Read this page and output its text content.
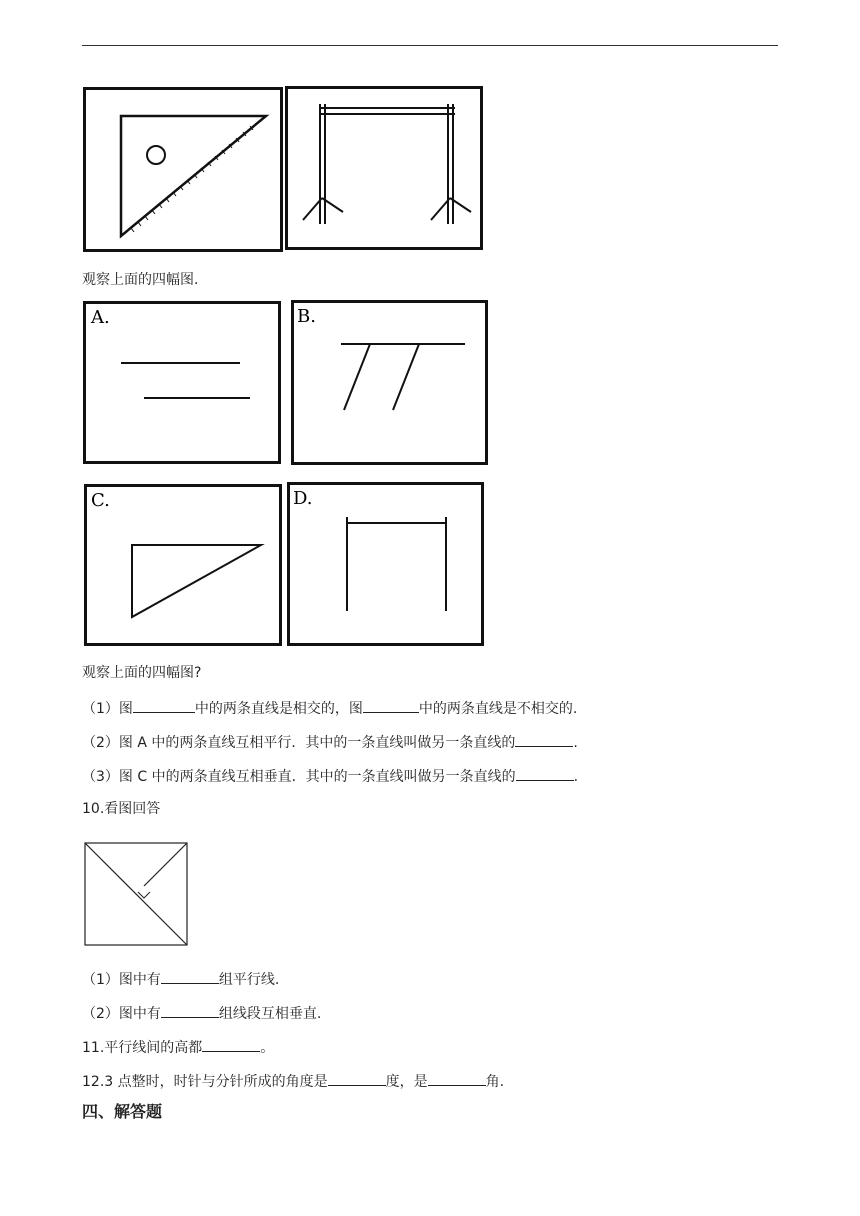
观察上面的四幅图.
A.	B.
C.	D.
观察上面的四幅图?
（1）图	中的两条直线是相交的，图	中的两条直线是不相交的.
（2）图 A 中的两条直线互相平行．其中的一条直线叫做另一条直线的	.
（3）图 C 中的两条直线互相垂直．其中的一条直线叫做另一条直线的	.
10.看图回答
（1）图中有	组平行线.
（2）图中有	组线段互相垂直.
11.平行线间的高都	。
12.3 点整时，时针与分针所成的角度是	度，是	角.
四、解答题
